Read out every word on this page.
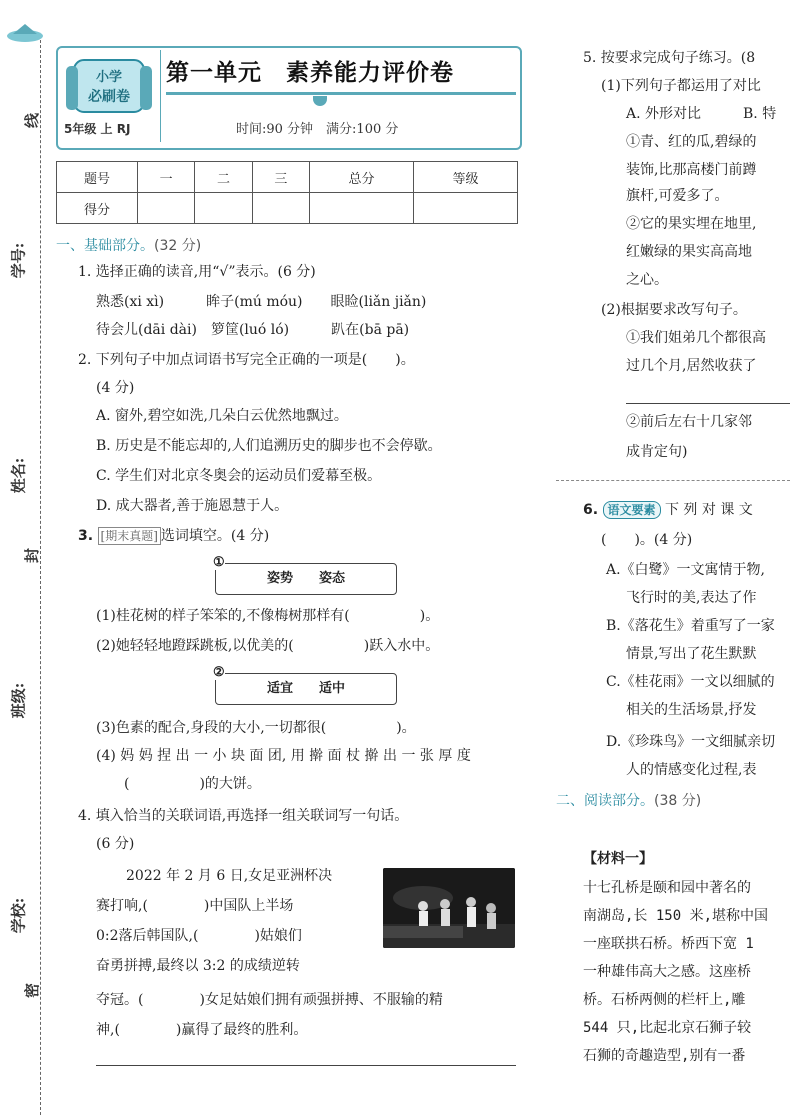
线
封
密
学号:
姓名:
班级:
学校:
小学
必刷卷
5年级 上 RJ
第一单元　素养能力评价卷
时间:90 分钟　满分:100 分
题号	一	二	三	总分	等级
得分					
一、基础部分。(32 分)
1. 选择正确的读音,用“√”表示。(6 分)
熟悉(xi xì)　　　眸子(mú móu)　　眼睑(liǎn jiǎn)
待会儿(dāi dài)　箩筐(luó ló)　　　趴在(bā pā)
2. 下列句子中加点词语书写完全正确的一项是(　　)。
(4 分)
A. 窗外,碧空如洗,几朵白云优然地飘过。
B. 历史是不能忘却的,人们追溯历史的脚步也不会停歇。
C. 学生们对北京冬奥会的运动员们爱幕至极。
D. 成大器者,善于施恩慧于人。
3. [期末真题] 选词填空。(4 分)
①
姿势　　姿态
(1)桂花树的样子笨笨的,不像梅树那样有(　　　　　)。
(2)她轻轻地蹬踩跳板,以优美的(　　　　　)跃入水中。
②
适宜　　适中
(3)色素的配合,身段的大小,一切都很(　　　　　)。
(4) 妈 妈 捏 出 一 小 块 面 团, 用 擀 面 杖 擀 出 一 张 厚 度
(　　　　　)的大饼。
4. 填入恰当的关联词语,再选择一组关联词写一句话。
(6 分)
2022 年 2 月 6 日,女足亚洲杯决
赛打响,(　　　　)中国队上半场
0:2落后韩国队,(　　　　)姑娘们
奋勇拼搏,最终以 3:2 的成绩逆转
夺冠。(　　　　)女足姑娘们拥有顽强拼搏、不服输的精
神,(　　　　)赢得了最终的胜利。
5. 按要求完成句子练习。(8
(1)下列句子都运用了对比
A. 外形对比　　　B. 特
①青、红的瓜,碧绿的
装饰,比那高楼门前蹲
旗杆,可爱多了。
②它的果实埋在地里,
红嫩绿的果实高高地
之心。
(2)根据要求改写句子。
①我们姐弟几个都很高
过几个月,居然收获了
②前后左右十几家邻
成肯定句)
6. 语文要素 下 列 对 课 文
(　　)。(4 分)
A.《白鹭》一文寓情于物,
飞行时的美,表达了作
B.《落花生》着重写了一家
情景,写出了花生默默
C.《桂花雨》一文以细腻的
相关的生活场景,抒发
D.《珍珠鸟》一文细腻亲切
人的情感变化过程,表
二、阅读部分。(38 分)
【材料一】
十七孔桥是颐和园中著名的
南湖岛,长 150 米,堪称中国
一座联拱石桥。桥西下宽 1
一种雄伟高大之感。这座桥
桥。石桥两侧的栏杆上,雕
544 只,比起北京石狮子较
石狮的奇趣造型,别有一番
